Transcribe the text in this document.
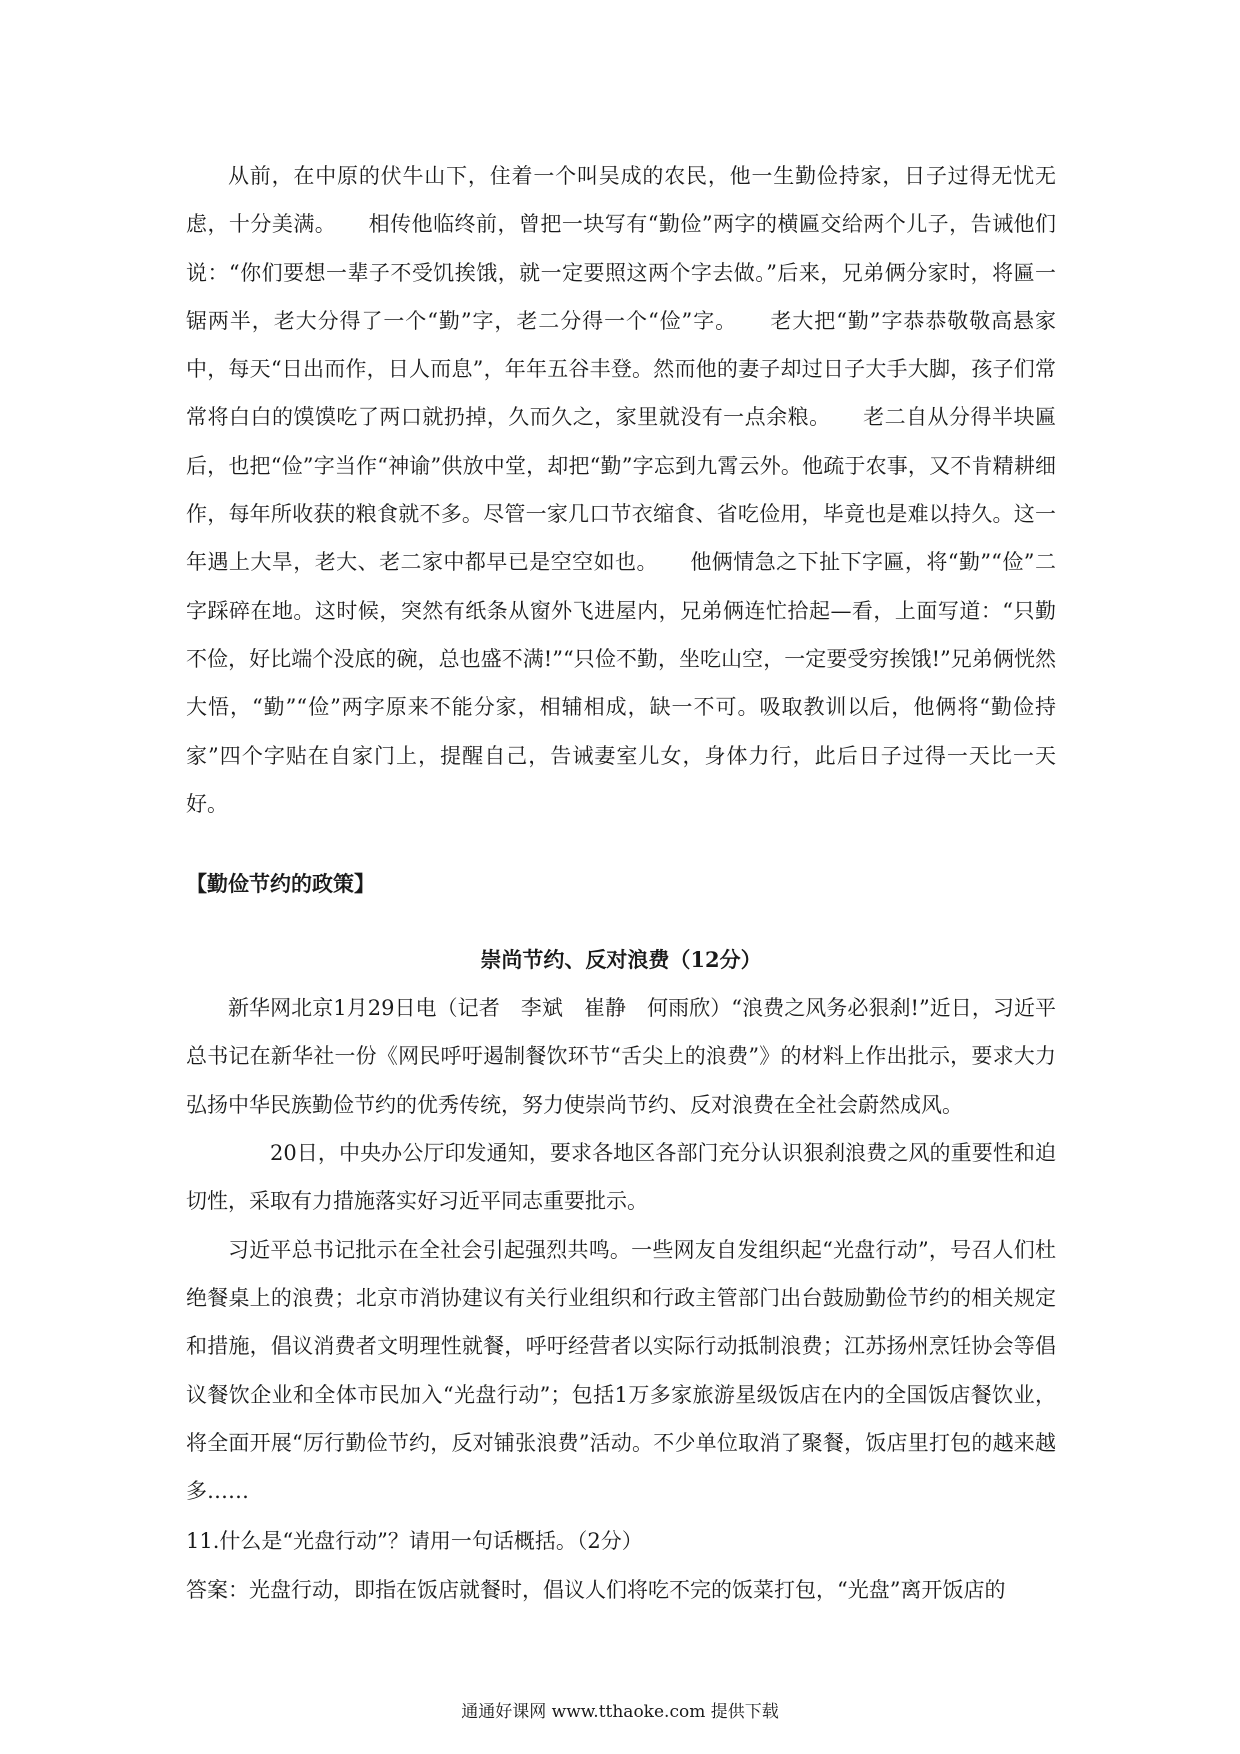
从前，在中原的伏牛山下，住着一个叫吴成的农民，他一生勤俭持家，日子过得无忧无虑，十分美满。　　相传他临终前，曾把一块写有“勤俭”两字的横匾交给两个儿子，告诫他们说：“你们要想一辈子不受饥挨饿，就一定要照这两个字去做。”后来，兄弟俩分家时，将匾一锯两半，老大分得了一个“勤”字，老二分得一个“俭”字。　　老大把“勤”字恭恭敬敬高悬家中，每天“日出而作，日人而息”，年年五谷丰登。然而他的妻子却过日子大手大脚，孩子们常常将白白的馍馍吃了两口就扔掉，久而久之，家里就没有一点余粮。　　老二自从分得半块匾后，也把“俭”字当作“神谕”供放中堂，却把“勤”字忘到九霄云外。他疏于农事，又不肯精耕细作，每年所收获的粮食就不多。尽管一家几口节衣缩食、省吃俭用，毕竟也是难以持久。这一年遇上大旱，老大、老二家中都早已是空空如也。　　他俩情急之下扯下字匾，将“勤”“俭”二字踩碎在地。这时候，突然有纸条从窗外飞进屋内，兄弟俩连忙拾起—看，上面写道：“只勤不俭，好比端个没底的碗，总也盛不满!”“只俭不勤，坐吃山空，一定要受穷挨饿!”兄弟俩恍然大悟，“勤”“俭”两字原来不能分家，相辅相成，缺一不可。吸取教训以后，他俩将“勤俭持家”四个字贴在自家门上，提醒自己，告诫妻室儿女，身体力行，此后日子过得一天比一天好。

【勤俭节约的政策】
崇尚节约、反对浪费（12分）

新华网北京1月29日电（记者　李斌　崔静　何雨欣）“浪费之风务必狠刹!”近日，习近平总书记在新华社一份《网民呼吁遏制餐饮环节“舌尖上的浪费”》的材料上作出批示，要求大力弘扬中华民族勤俭节约的优秀传统，努力使崇尚节约、反对浪费在全社会蔚然成风。

20日，中央办公厅印发通知，要求各地区各部门充分认识狠刹浪费之风的重要性和迫切性，采取有力措施落实好习近平同志重要批示。

习近平总书记批示在全社会引起强烈共鸣。一些网友自发组织起“光盘行动”，号召人们杜绝餐桌上的浪费；北京市消协建议有关行业组织和行政主管部门出台鼓励勤俭节约的相关规定和措施，倡议消费者文明理性就餐，呼吁经营者以实际行动抵制浪费；江苏扬州烹饪协会等倡议餐饮企业和全体市民加入“光盘行动”；包括1万多家旅游星级饭店在内的全国饭店餐饮业，将全面开展“厉行勤俭节约，反对铺张浪费”活动。不少单位取消了聚餐，饭店里打包的越来越多……

11.什么是“光盘行动”？请用一句话概括。（2分）

答案：光盘行动，即指在饭店就餐时，倡议人们将吃不完的饭菜打包，“光盘”离开饭店的

通通好课网 www.tthaoke.com 提供下载
